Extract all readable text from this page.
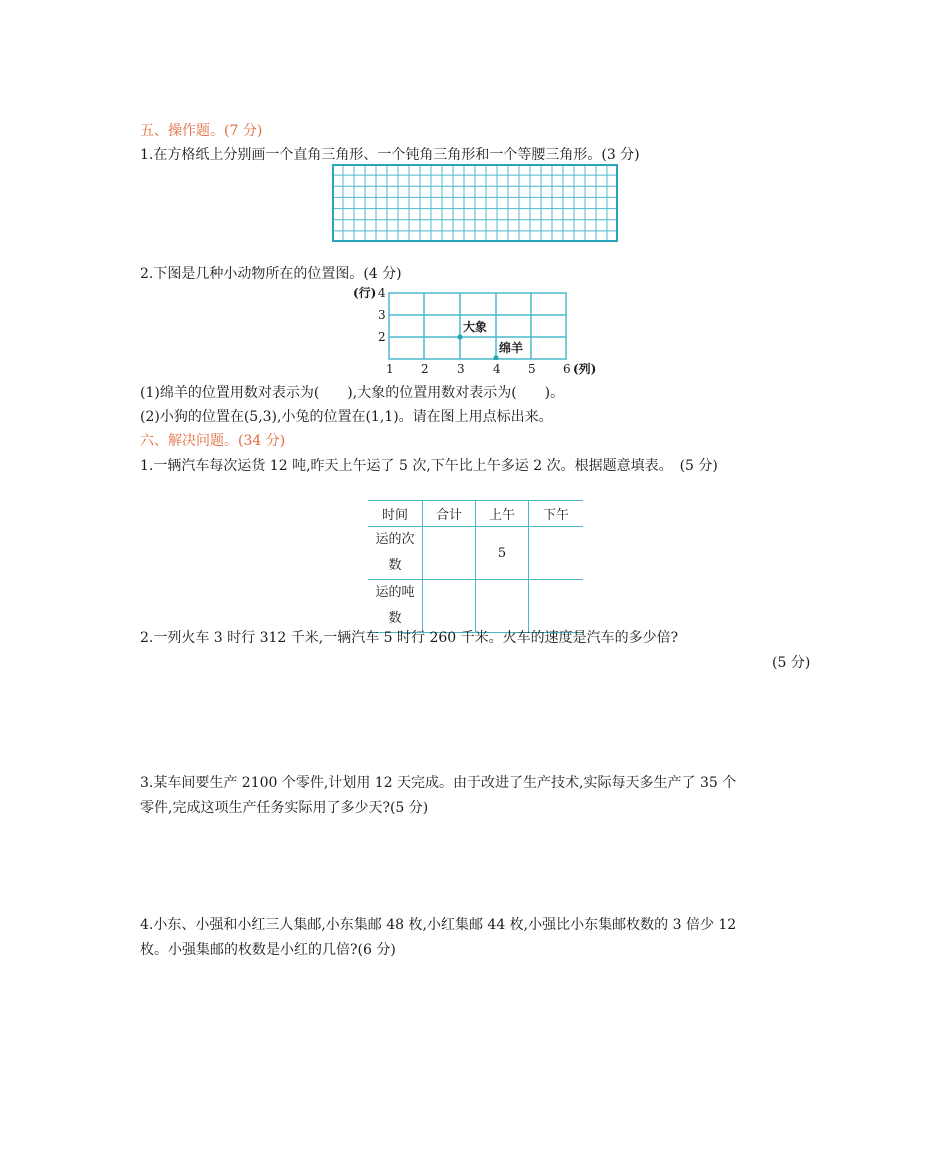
五、操作题。(7 分)
1.在方格纸上分别画一个直角三角形、一个钝角三角形和一个等腰三角形。(3 分)
2.下图是几种小动物所在的位置图。(4 分)
(行) 4
3
2
大象
绵羊
1 2 3 4 5 6 (列)
(1)绵羊的位置用数对表示为(　　),大象的位置用数对表示为(　　)。
(2)小狗的位置在(5,3),小兔的位置在(1,1)。请在图上用点标出来。
六、解决问题。(34 分)
1.一辆汽车每次运货 12 吨,昨天上午运了 5 次,下午比上午多运 2 次。根据题意填表。　(5 分)
时间	合计	上午	下午

运的次
数		5	

运的吨
数			

2.一列火车 3 时行 312 千米,一辆汽车 5 时行 260 千米。火车的速度是汽车的多少倍?
(5 分)
3.某车间要生产 2100 个零件,计划用 12 天完成。由于改进了生产技术,实际每天多生产了 35 个
零件,完成这项生产任务实际用了多少天?(5 分)
4.小东、小强和小红三人集邮,小东集邮 48 枚,小红集邮 44 枚,小强比小东集邮枚数的 3 倍少 12
枚。小强集邮的枚数是小红的几倍?(6 分)
